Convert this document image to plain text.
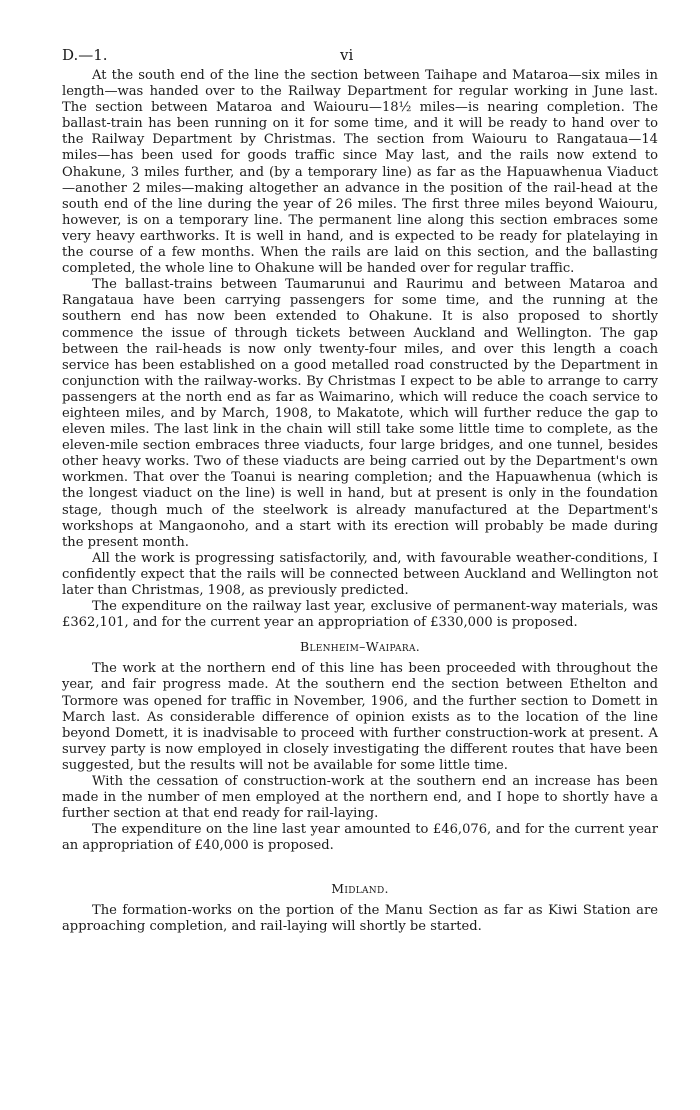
D.—1.	vi

At the south end of the line the section between Taihape and Mataroa—six miles in length—was handed over to the Railway Department for regular working in June last. The section between Mataroa and Waiouru—18½ miles—is nearing completion. The ballast-train has been running on it for some time, and it will be ready to hand over to the Railway Department by Christmas. The section from Waiouru to Rangataua—14 miles—has been used for goods traffic since May last, and the rails now extend to Ohakune, 3 miles further, and (by a temporary line) as far as the Hapuawhenua Viaduct—another 2 miles—making altogether an advance in the position of the rail-head at the south end of the line during the year of 26 miles. The first three miles beyond Waiouru, however, is on a temporary line. The permanent line along this section embraces some very heavy earthworks. It is well in hand, and is expected to be ready for platelaying in the course of a few months. When the rails are laid on this section, and the ballasting completed, the whole line to Ohakune will be handed over for regular traffic.

The ballast-trains between Taumarunui and Raurimu and between Mataroa and Rangataua have been carrying passengers for some time, and the running at the southern end has now been extended to Ohakune. It is also proposed to shortly commence the issue of through tickets between Auckland and Wellington. The gap between the rail-heads is now only twenty-four miles, and over this length a coach service has been established on a good metalled road constructed by the Department in conjunction with the railway-works. By Christmas I expect to be able to arrange to carry passengers at the north end as far as Waimarino, which will reduce the coach service to eighteen miles, and by March, 1908, to Makatote, which will further reduce the gap to eleven miles. The last link in the chain will still take some little time to complete, as the eleven-mile section embraces three viaducts, four large bridges, and one tunnel, besides other heavy works. Two of these viaducts are being carried out by the Department's own workmen. That over the Toanui is nearing completion; and the Hapuawhenua (which is the longest viaduct on the line) is well in hand, but at present is only in the foundation stage, though much of the steelwork is already manufactured at the Department's workshops at Mangaonoho, and a start with its erection will probably be made during the present month.

All the work is progressing satisfactorily, and, with favourable weather-conditions, I confidently expect that the rails will be connected between Auckland and Wellington not later than Christmas, 1908, as previously predicted.

The expenditure on the railway last year, exclusive of permanent-way materials, was £362,101, and for the current year an appropriation of £330,000 is proposed.

Blenheim–Waipara.

The work at the northern end of this line has been proceeded with throughout the year, and fair progress made. At the southern end the section between Ethelton and Tormore was opened for traffic in November, 1906, and the further section to Domett in March last. As considerable difference of opinion exists as to the location of the line beyond Domett, it is inadvisable to proceed with further construction-work at present. A survey party is now employed in closely investigating the different routes that have been suggested, but the results will not be available for some little time.

With the cessation of construction-work at the southern end an increase has been made in the number of men employed at the northern end, and I hope to shortly have a further section at that end ready for rail-laying.

The expenditure on the line last year amounted to £46,076, and for the current year an appropriation of £40,000 is proposed.

Midland.

The formation-works on the portion of the Manu Section as far as Kiwi Station are approaching completion, and rail-laying will shortly be started.
